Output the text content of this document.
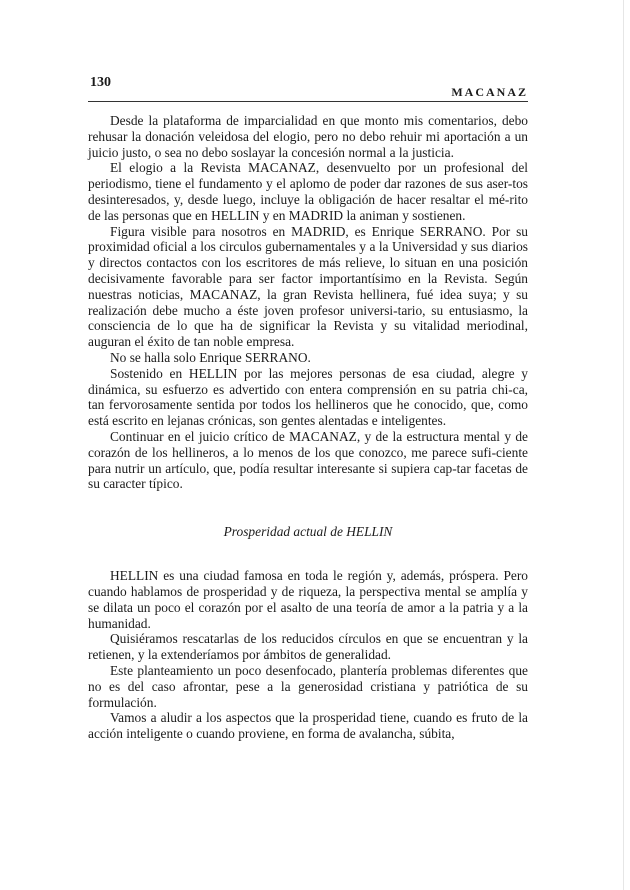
130
MACANAZ

Desde la plataforma de imparcialidad en que monto mis comentarios, debo rehusar la donación veleidosa del elogio, pero no debo rehuir mi aportación a un juicio justo, o sea no debo soslayar la concesión normal a la justicia.

El elogio a la Revista MACANAZ, desenvuelto por un profesional del periodismo, tiene el fundamento y el aplomo de poder dar razones de sus aser-tos desinteresados, y, desde luego, incluye la obligación de hacer resaltar el mé-rito de las personas que en HELLIN y en MADRID la animan y sostienen.

Figura visible para nosotros en MADRID, es Enrique SERRANO. Por su proximidad oficial a los circulos gubernamentales y a la Universidad y sus diarios y directos contactos con los escritores de más relieve, lo situan en una posición decisivamente favorable para ser factor importantísimo en la Revista. Según nuestras noticias, MACANAZ, la gran Revista hellinera, fué idea suya; y su realización debe mucho a éste joven profesor universi-tario, su entusiasmo, la consciencia de lo que ha de significar la Revista y su vitalidad meriodinal, auguran el éxito de tan noble empresa.

No se halla solo Enrique SERRANO.

Sostenido en HELLIN por las mejores personas de esa ciudad, alegre y dinámica, su esfuerzo es advertido con entera comprensión en su patria chi-ca, tan fervorosamente sentida por todos los hellineros que he conocido, que, como está escrito en lejanas crónicas, son gentes alentadas e inteligentes.

Continuar en el juicio crítico de MACANAZ, y de la estructura mental y de corazón de los hellineros, a lo menos de los que conozco, me parece sufi-ciente para nutrir un artículo, que, podía resultar interesante si supiera cap-tar facetas de su caracter típico.

Prosperidad actual de HELLIN

HELLIN es una ciudad famosa en toda le región y, además, próspera. Pero cuando hablamos de prosperidad y de riqueza, la perspectiva mental se amplía y se dilata un poco el corazón por el asalto de una teoría de amor a la patria y a la humanidad.

Quisiéramos rescatarlas de los reducidos círculos en que se encuentran y la retienen, y la extenderíamos por ámbitos de generalidad.

Este planteamiento un poco desenfocado, plantería problemas diferentes que no es del caso afrontar, pese a la generosidad cristiana y patriótica de su formulación.

Vamos a aludir a los aspectos que la prosperidad tiene, cuando es fruto de la acción inteligente o cuando proviene, en forma de avalancha, súbita,
